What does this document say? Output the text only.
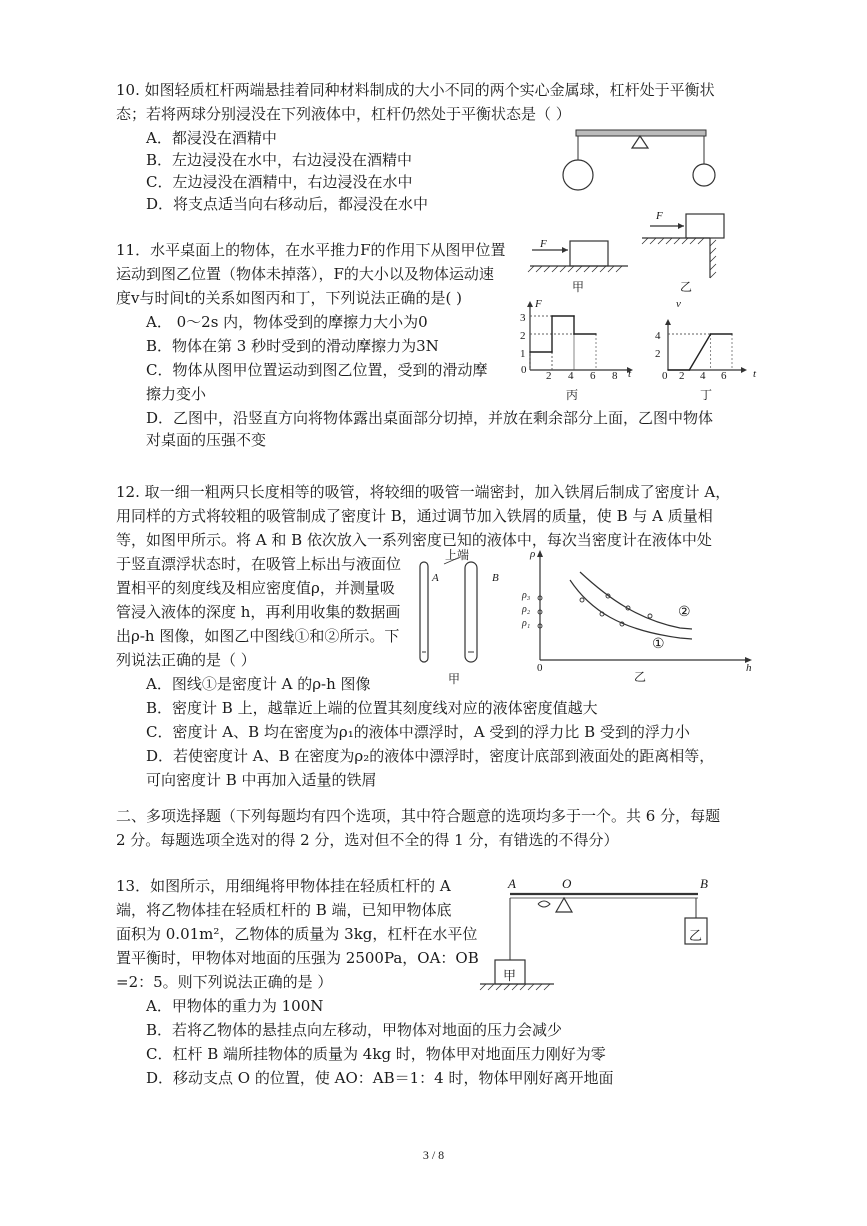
10. 如图轻质杠杆两端悬挂着同种材料制成的大小不同的两个实心金属球，杠杆处于平衡状
态；若将两球分别浸没在下列液体中，杠杆仍然处于平衡状态是（ ）
A．都浸没在酒精中
B．左边浸没在水中，右边浸没在酒精中
C．左边浸没在酒精中，右边浸没在水中
D．将支点适当向右移动后，都浸没在水中
11．水平桌面上的物体，在水平推力F的作用下从图甲位置
运动到图乙位置（物体未掉落），F的大小以及物体运动速
度v与时间t的关系如图丙和丁，下列说法正确的是( )
A． 0～2s 内，物体受到的摩擦力大小为0
B．物体在第 3 秒时受到的滑动摩擦力为3N
C．物体从图甲位置运动到图乙位置，受到的滑动摩
擦力变小
D．乙图中，沿竖直方向将物体露出桌面部分切掉，并放在剩余部分上面，乙图中物体
对桌面的压强不变
F
甲
F
乙
F
3
2
1
0 2 4 6 8 t
丙
v
4
2
0 2 4 6 t
丁
12. 取一细一粗两只长度相等的吸管，将较细的吸管一端密封，加入铁屑后制成了密度计 A，
用同样的方式将较粗的吸管制成了密度计 B，通过调节加入铁屑的质量，使 B 与 A 质量相
等，如图甲所示。将 A 和 B 依次放入一系列密度已知的液体中，每次当密度计在液体中处
于竖直漂浮状态时，在吸管上标出与液面位
置相平的刻度线及相应密度值ρ，并测量吸
管浸入液体的深度 h，再利用收集的数据画
出ρ-h 图像，如图乙中图线①和②所示。下
列说法正确的是（ ）
A．图线①是密度计 A 的ρ-h 图像
B．密度计 B 上，越靠近上端的位置其刻度线对应的液体密度值越大
C．密度计 A、B 均在密度为ρ₁的液体中漂浮时，A 受到的浮力比 B 受到的浮力小
D．若使密度计 A、B 在密度为ρ₂的液体中漂浮时，密度计底部到液面处的距离相等，
可向密度计 B 中再加入适量的铁屑
上端
A	B
甲
ρ
ρ₃
ρ₂
ρ₁
0	h
②
①
乙
二、多项选择题（下列每题均有四个选项，其中符合题意的选项均多于一个。共 6 分，每题
2 分。每题选项全选对的得 2 分，选对但不全的得 1 分，有错选的不得分）
13．如图所示，用细绳将甲物体挂在轻质杠杆的 A
端，将乙物体挂在轻质杠杆的 B 端，已知甲物体底
面积为 0.01m²，乙物体的质量为 3kg，杠杆在水平位
置平衡时，甲物体对地面的压强为 2500Pa，OA：OB
=2：5。则下列说法正确的是 ）
A．甲物体的重力为 100N
B．若将乙物体的悬挂点向左移动，甲物体对地面的压力会减少
C．杠杆 B 端所挂物体的质量为 4kg 时，物体甲对地面压力刚好为零
D．移动支点 O 的位置，使 AO：AB＝1：4 时，物体甲刚好离开地面
A	O	B
乙
甲
3 / 8
